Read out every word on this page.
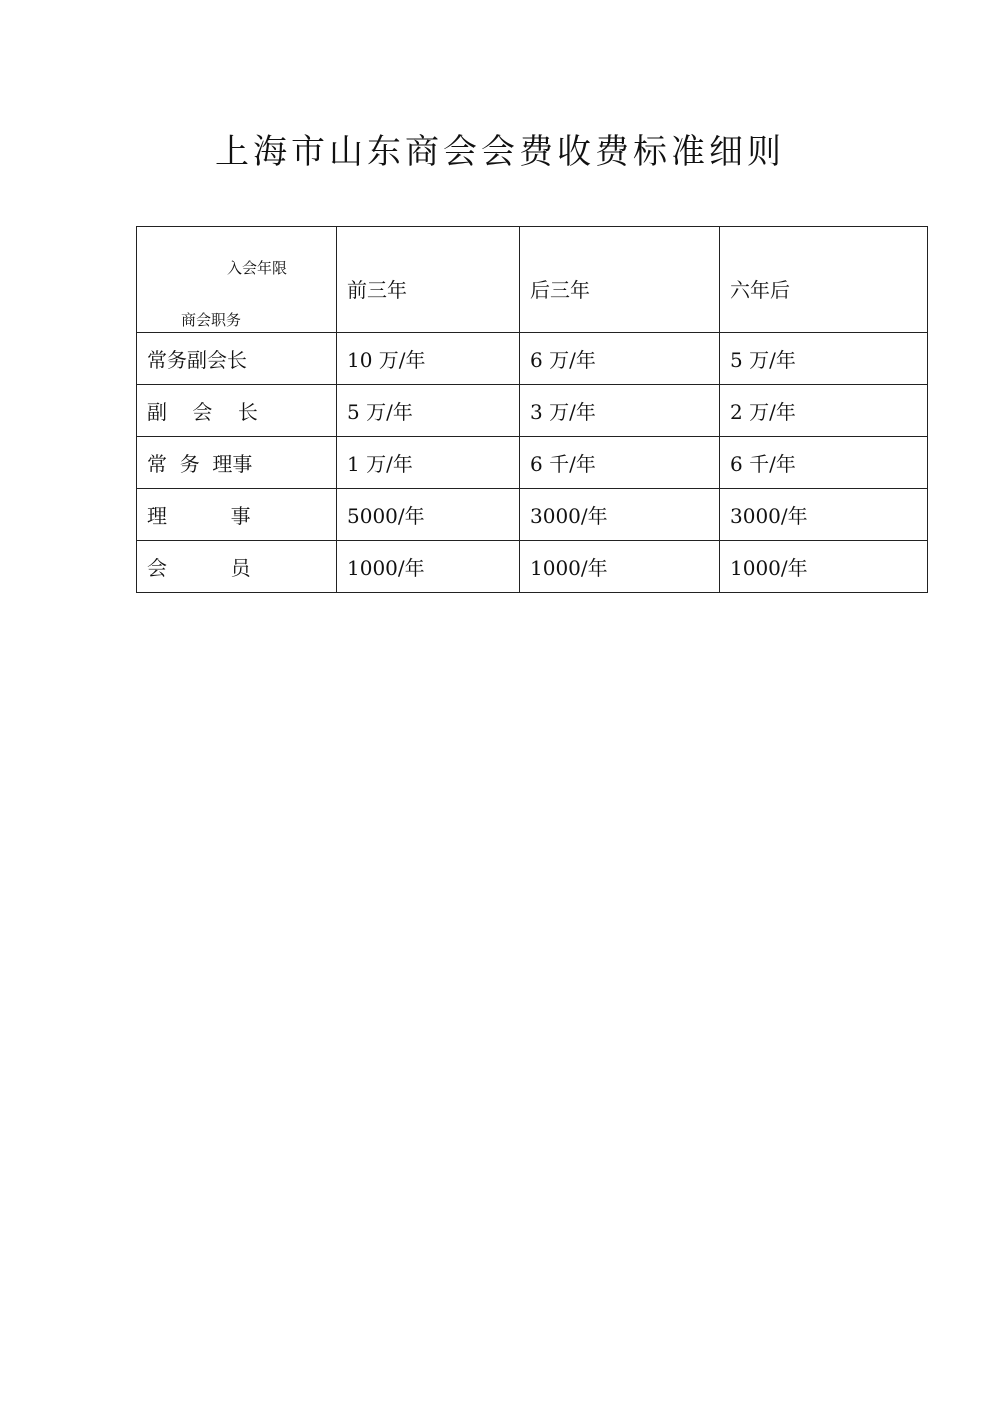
上海市山东商会会费收费标准细则
入会年限
商会职务	前三年	后三年	六年后
常务副会长	10 万/年	6 万/年	5 万/年
副    会    长	5 万/年	3 万/年	2 万/年
常  务  理事	1 万/年	6 千/年	6 千/年
理          事	5000/年	3000/年	3000/年
会          员	1000/年	1000/年	1000/年
